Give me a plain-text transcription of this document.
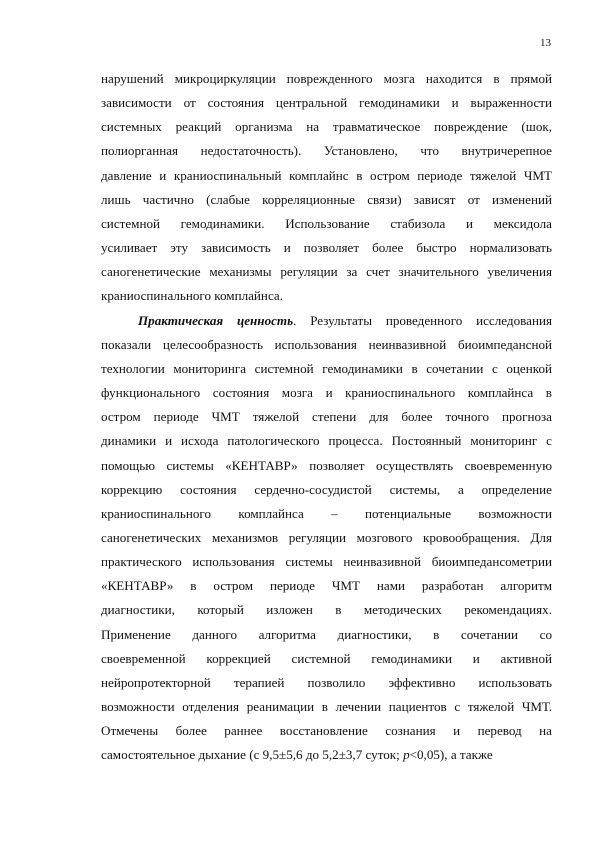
13
нарушений микроциркуляции поврежденного мозга находится в прямой
зависимости от состояния центральной гемодинамики и выраженности
системных реакций организма на травматическое повреждение (шок,
полиорганная недостаточность). Установлено, что внутричерепное
давление и краниоспинальный комплайнс в остром периоде тяжелой ЧМТ
лишь частично (слабые корреляционные связи) зависят от изменений
системной гемодинамики. Использование стабизола и мексидола
усиливает эту зависимость и позволяет более быстро нормализовать
саногенетические механизмы регуляции за счет значительного увеличения
краниоспинального комплайнса.
Практическая ценность. Результаты проведенного исследования
показали целесообразность использования неинвазивной биоимпедансной
технологии мониторинга системной гемодинамики в сочетании с оценкой
функционального состояния мозга и краниоспинального комплайнса в
остром периоде ЧМТ тяжелой степени для более точного прогноза
динамики и исхода патологического процесса. Постоянный мониторинг с
помощью системы «КЕНТАВР» позволяет осуществлять своевременную
коррекцию состояния сердечно-сосудистой системы, а определение
краниоспинального комплайнса – потенциальные возможности
саногенетических механизмов регуляции мозгового кровообращения. Для
практического использования системы неинвазивной биоимпедансометрии
«КЕНТАВР» в остром периоде ЧМТ нами разработан алгоритм
диагностики, который изложен в методических рекомендациях.
Применение данного алгоритма диагностики, в сочетании со
своевременной коррекцией системной гемодинамики и активной
нейропротекторной терапией позволило эффективно использовать
возможности отделения реанимации в лечении пациентов с тяжелой ЧМТ.
Отмечены более раннее восстановление сознания и перевод на
самостоятельное дыхание (с 9,5±5,6 до 5,2±3,7 суток; p<0,05), а также
